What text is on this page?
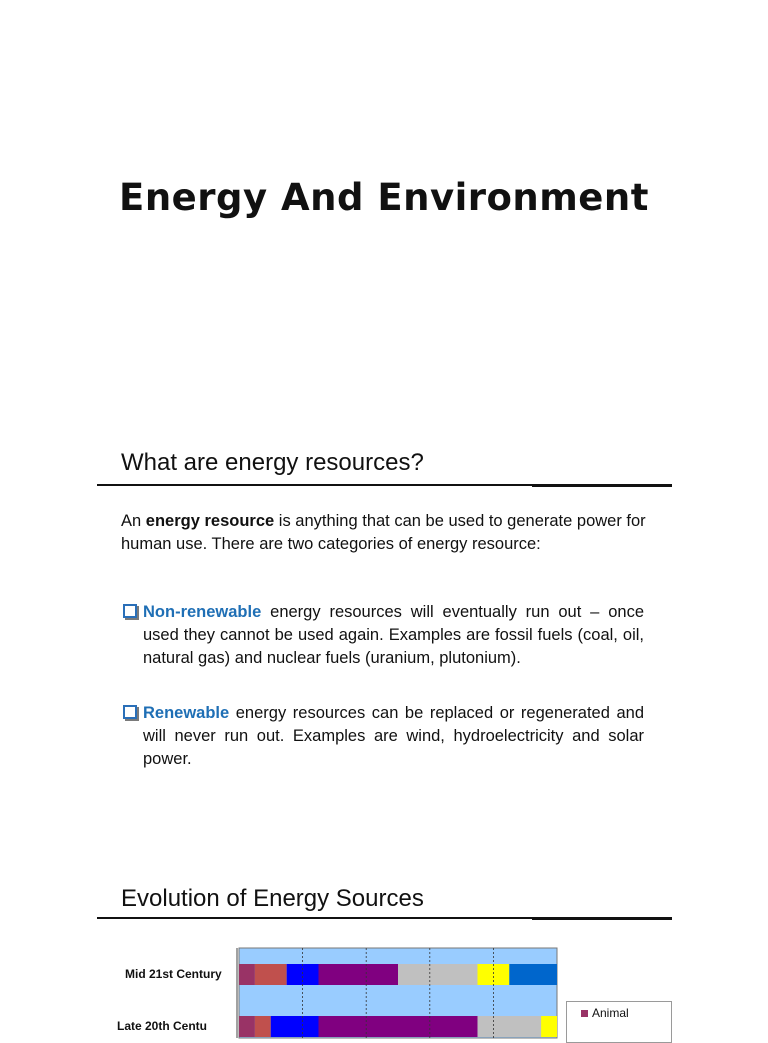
Energy And Environment
What are energy resources?

An energy resource is anything that can be used to generate power for human use. There are two categories of energy resource:

Non-renewable energy resources will eventually run out – once used they cannot be used again. Examples are fossil fuels (coal, oil, natural gas) and nuclear fuels (uranium, plutonium).

Renewable energy resources can be replaced or regenerated and will never run out. Examples are wind, hydroelectricity and solar power.

Evolution of Energy Sources
Mid 21st Century
Late 20th Centu
Animal
